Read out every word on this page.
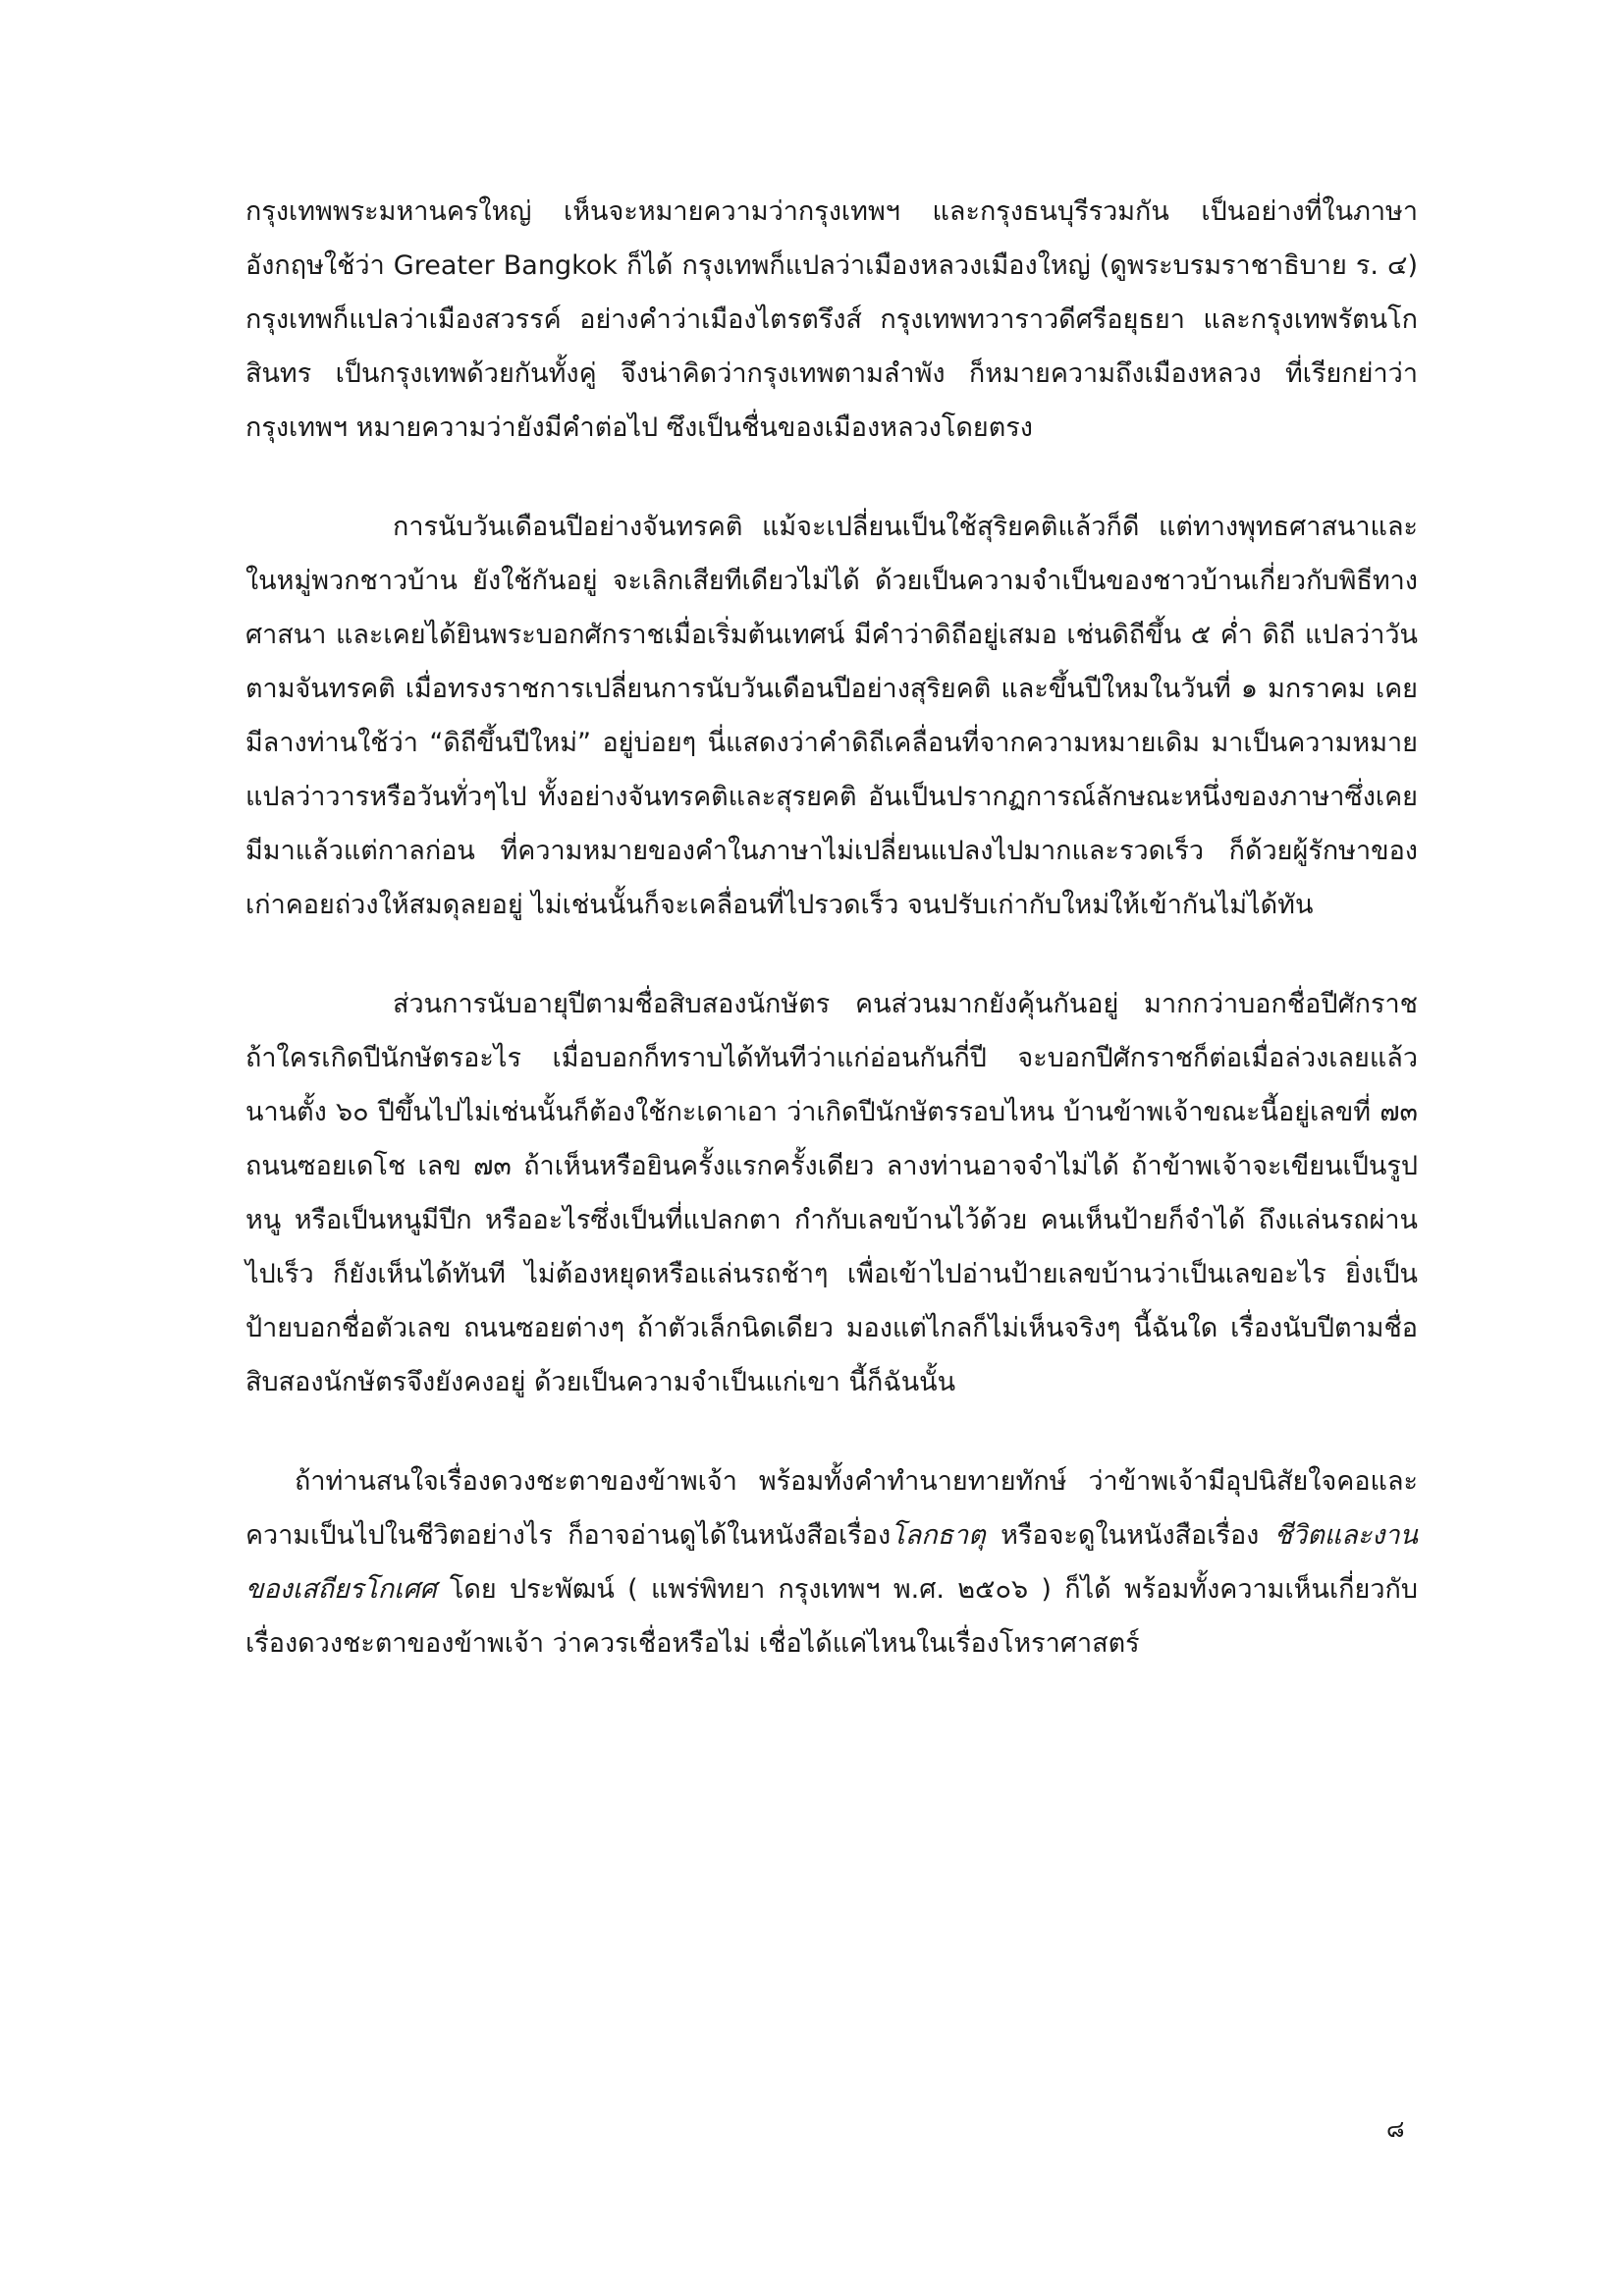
กรุงเทพพระมหานครใหญ่ เห็นจะหมายความว่ากรุงเทพฯ และกรุงธนบุรีรวมกัน เป็นอย่างที่ในภาษาอังกฤษใช้ว่า Greater Bangkok ก็ได้ กรุงเทพก็แปลว่าเมืองหลวงเมืองใหญ่ (ดูพระบรมราชาธิบาย ร. ๔) กรุงเทพก็แปลว่าเมืองสวรรค์ อย่างคำว่าเมืองไตรตรึงส์ กรุงเทพทวาราวดีศรีอยุธยา และกรุงเทพรัตนโกสินทร เป็นกรุงเทพด้วยกันทั้งคู่ จึงน่าคิดว่ากรุงเทพตามลำพัง ก็หมายความถึงเมืองหลวง ที่เรียกย่าว่ากรุงเทพฯ หมายความว่ายังมีคำต่อไป ซึงเป็นชื่นของเมืองหลวงโดยตรง

การนับวันเดือนปีอย่างจันทรคติ แม้จะเปลี่ยนเป็นใช้สุริยคติแล้วก็ดี แต่ทางพุทธศาสนาและในหมู่พวกชาวบ้าน ยังใช้กันอยู่ จะเลิกเสียทีเดียวไม่ได้ ด้วยเป็นความจำเป็นของชาวบ้านเกี่ยวกับพิธีทางศาสนา และเคยได้ยินพระบอกศักราชเมื่อเริ่มต้นเทศน์ มีคำว่าดิถีอยู่เสมอ เช่นดิถีขึ้น ๕ ค่ำ ดิถี แปลว่าวันตามจันทรคติ เมื่อทรงราชการเปลี่ยนการนับวันเดือนปีอย่างสุริยคติ และขึ้นปีใหมในวันที่ ๑ มกราคม เคยมีลางท่านใช้ว่า “ดิถีขึ้นปีใหม่” อยู่บ่อยๆ นี่แสดงว่าคำดิถีเคลื่อนที่จากความหมายเดิม มาเป็นความหมายแปลว่าวารหรือวันทั่วๆไป ทั้งอย่างจันทรคติและสุรยคติ อันเป็นปรากฏการณ์ลักษณะหนึ่งของภาษาซึ่งเคยมีมาแล้วแต่กาลก่อน ที่ความหมายของคำในภาษาไม่เปลี่ยนแปลงไปมากและรวดเร็ว ก็ด้วยผู้รักษาของเก่าคอยถ่วงให้สมดุลยอยู่ ไม่เช่นนั้นก็จะเคลื่อนที่ไปรวดเร็ว จนปรับเก่ากับใหม่ให้เข้ากันไม่ได้ทัน

ส่วนการนับอายุปีตามชื่อสิบสองนักษัตร คนส่วนมากยังคุ้นกันอยู่ มากกว่าบอกชื่อปีศักราช ถ้าใครเกิดปีนักษัตรอะไร เมื่อบอกก็ทราบได้ทันทีว่าแก่อ่อนกันกี่ปี จะบอกปีศักราชก็ต่อเมื่อล่วงเลยแล้วนานตั้ง ๖๐ ปีขึ้นไปไม่เช่นนั้นก็ต้องใช้กะเดาเอา ว่าเกิดปีนักษัตรรอบไหน บ้านข้าพเจ้าขณะนี้อยู่เลขที่ ๗๓ ถนนซอยเดโช เลข ๗๓ ถ้าเห็นหรือยินครั้งแรกครั้งเดียว ลางท่านอาจจำไม่ได้ ถ้าข้าพเจ้าจะเขียนเป็นรูปหนู หรือเป็นหนูมีปีก หรืออะไรซึ่งเป็นที่แปลกตา กำกับเลขบ้านไว้ด้วย คนเห็นป้ายก็จำได้ ถึงแล่นรถผ่านไปเร็ว ก็ยังเห็นได้ทันที ไม่ต้องหยุดหรือแล่นรถช้าๆ เพื่อเข้าไปอ่านป้ายเลขบ้านว่าเป็นเลขอะไร ยิ่งเป็นป้ายบอกชื่อตัวเลข ถนนซอยต่างๆ ถ้าตัวเล็กนิดเดียว มองแต่ไกลก็ไม่เห็นจริงๆ นี้ฉันใด เรื่องนับปีตามชื่อสิบสองนักษัตรจึงยังคงอยู่ ด้วยเป็นความจำเป็นแก่เขา นี้ก็ฉันนั้น

ถ้าท่านสนใจเรื่องดวงชะตาของข้าพเจ้า พร้อมทั้งคำทำนายทายทักษ์ ว่าข้าพเจ้ามีอุปนิสัยใจคอและความเป็นไปในชีวิตอย่างไร ก็อาจอ่านดูได้ในหนังสือเรื่องโลกธาตุ หรือจะดูในหนังสือเรื่อง ชีวิตและงานของเสถียรโกเศศ โดย ประพัฒน์ ( แพร่พิทยา กรุงเทพฯ พ.ศ. ๒๕๐๖ ) ก็ได้ พร้อมทั้งความเห็นเกี่ยวกับเรื่องดวงชะตาของข้าพเจ้า ว่าควรเชื่อหรือไม่ เชื่อได้แค่ไหนในเรื่องโหราศาสตร์

๘
